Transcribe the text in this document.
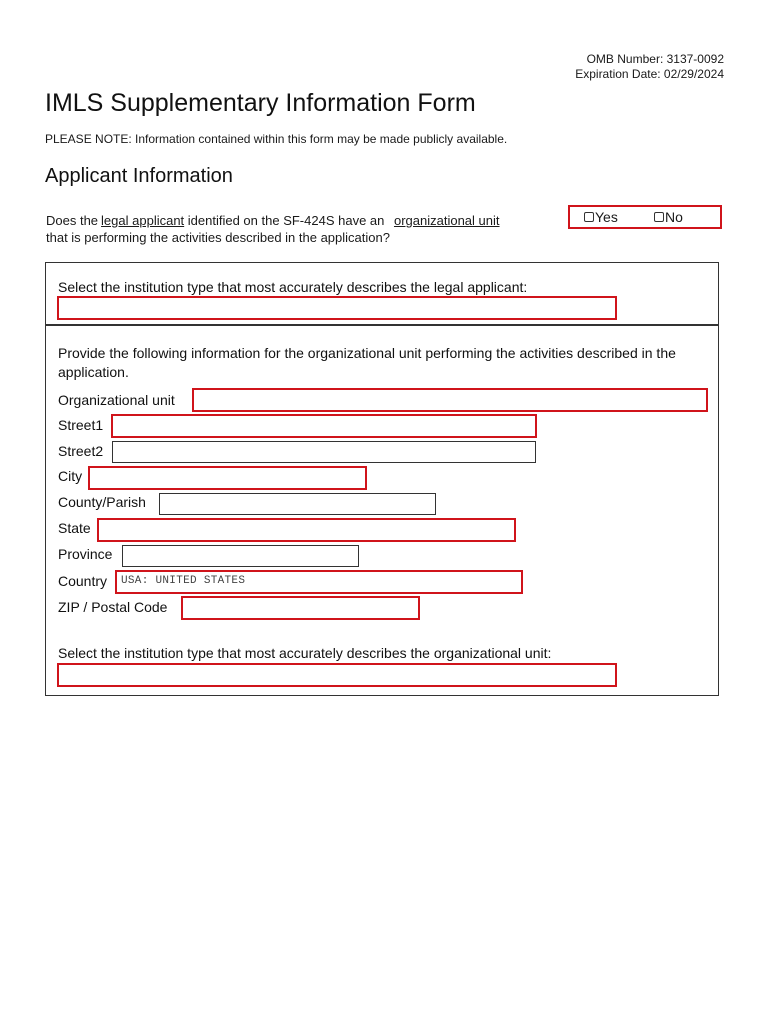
OMB Number: 3137-0092
Expiration Date: 02/29/2024
IMLS Supplementary Information Form
PLEASE NOTE: Information contained within this form may be made publicly available.
Applicant Information
Does the legal applicant identified on the SF-424S have an organizational unit
that is performing the activities described in the application?
Yes	No
Select the institution type that most accurately describes the legal applicant:
Provide the following information for the organizational unit performing the activities described in the application.
Organizational unit
Street1
Street2
City
County/Parish
State
Province
Country	USA: UNITED STATES
ZIP / Postal Code
Select the institution type that most accurately describes the organizational unit:
